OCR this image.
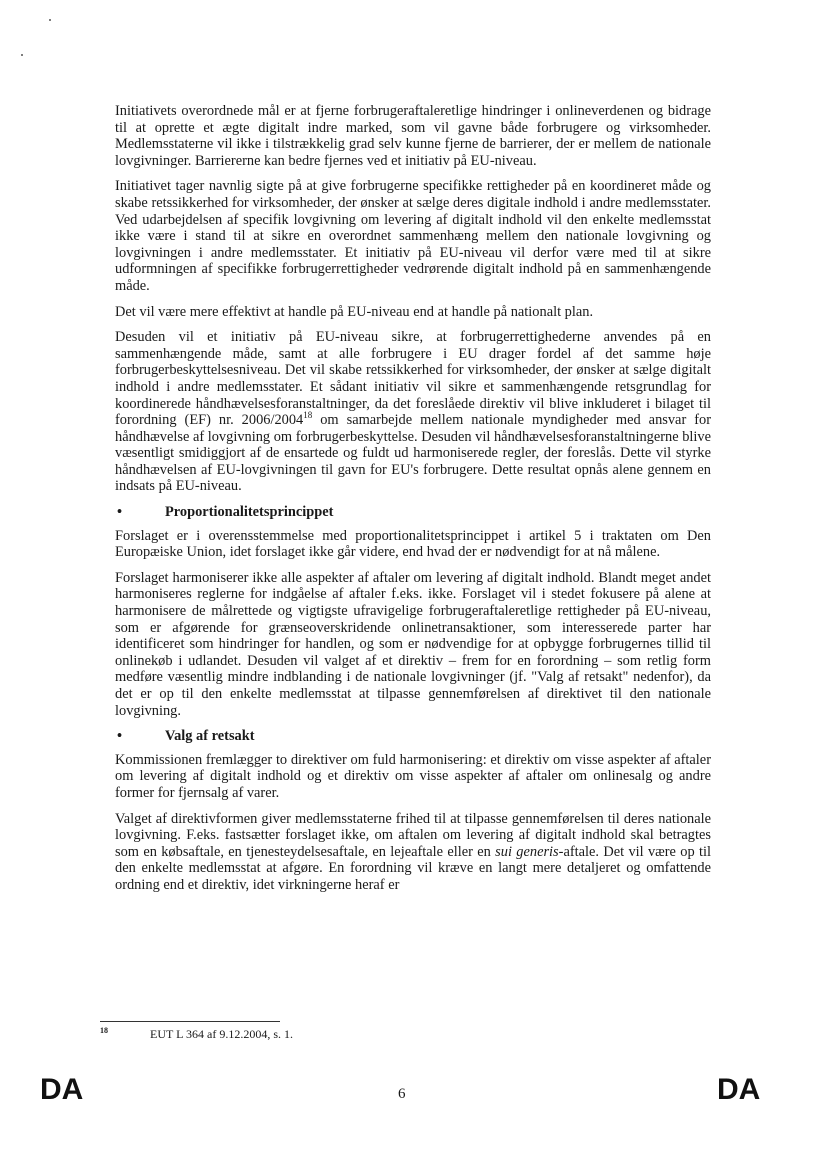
Initiativets overordnede mål er at fjerne forbrugeraftaleretlige hindringer i onlineverdenen og bidrage til at oprette et ægte digitalt indre marked, som vil gavne både forbrugere og virksomheder. Medlemsstaterne vil ikke i tilstrækkelig grad selv kunne fjerne de barrierer, der er mellem de nationale lovgivninger. Barriererne kan bedre fjernes ved et initiativ på EU-niveau.

Initiativet tager navnlig sigte på at give forbrugerne specifikke rettigheder på en koordineret måde og skabe retssikkerhed for virksomheder, der ønsker at sælge deres digitale indhold i andre medlemsstater. Ved udarbejdelsen af specifik lovgivning om levering af digitalt indhold vil den enkelte medlemsstat ikke være i stand til at sikre en overordnet sammenhæng mellem den nationale lovgivning og lovgivningen i andre medlemsstater. Et initiativ på EU-niveau vil derfor være med til at sikre udformningen af specifikke forbrugerrettigheder vedrørende digitalt indhold på en sammenhængende måde.

Det vil være mere effektivt at handle på EU-niveau end at handle på nationalt plan.

Desuden vil et initiativ på EU-niveau sikre, at forbrugerrettighederne anvendes på en sammenhængende måde, samt at alle forbrugere i EU drager fordel af det samme høje forbrugerbeskyttelsesniveau. Det vil skabe retssikkerhed for virksomheder, der ønsker at sælge digitalt indhold i andre medlemsstater. Et sådant initiativ vil sikre et sammenhængende retsgrundlag for koordinerede håndhævelsesforanstaltninger, da det foreslåede direktiv vil blive inkluderet i bilaget til forordning (EF) nr. 2006/2004$^{18}$ om samarbejde mellem nationale myndigheder med ansvar for håndhævelse af lovgivning om forbrugerbeskyttelse. Desuden vil håndhævelsesforanstaltningerne blive væsentligt smidiggjort af de ensartede og fuldt ud harmoniserede regler, der foreslås. Dette vil styrke håndhævelsen af EU-lovgivningen til gavn for EU's forbrugere. Dette resultat opnås alene gennem en indsats på EU-niveau.

•	Proportionalitetsprincippet

Forslaget er i overensstemmelse med proportionalitetsprincippet i artikel 5 i traktaten om Den Europæiske Union, idet forslaget ikke går videre, end hvad der er nødvendigt for at nå målene.

Forslaget harmoniserer ikke alle aspekter af aftaler om levering af digitalt indhold. Blandt meget andet harmoniseres reglerne for indgåelse af aftaler f.eks. ikke. Forslaget vil i stedet fokusere på alene at harmonisere de målrettede og vigtigste ufravigelige forbrugeraftaleretlige rettigheder på EU-niveau, som er afgørende for grænseoverskridende onlinetransaktioner, som interesserede parter har identificeret som hindringer for handlen, og som er nødvendige for at opbygge forbrugernes tillid til onlinekøb i udlandet. Desuden vil valget af et direktiv – frem for en forordning – som retlig form medføre væsentlig mindre indblanding i de nationale lovgivninger (jf. "Valg af retsakt" nedenfor), da det er op til den enkelte medlemsstat at tilpasse gennemførelsen af direktivet til den nationale lovgivning.

•	Valg af retsakt

Kommissionen fremlægger to direktiver om fuld harmonisering: et direktiv om visse aspekter af aftaler om levering af digitalt indhold og et direktiv om visse aspekter af aftaler om onlinesalg og andre former for fjernsalg af varer.

Valget af direktivformen giver medlemsstaterne frihed til at tilpasse gennemførelsen til deres nationale lovgivning. F.eks. fastsætter forslaget ikke, om aftalen om levering af digitalt indhold skal betragtes som en købsaftale, en tjenesteydelsesaftale, en lejeaftale eller en sui generis-aftale. Det vil være op til den enkelte medlemsstat at afgøre. En forordning vil kræve en langt mere detaljeret og omfattende ordning end et direktiv, idet virkningerne heraf er

18	EUT L 364 af 9.12.2004, s. 1.
DA	6	DA
